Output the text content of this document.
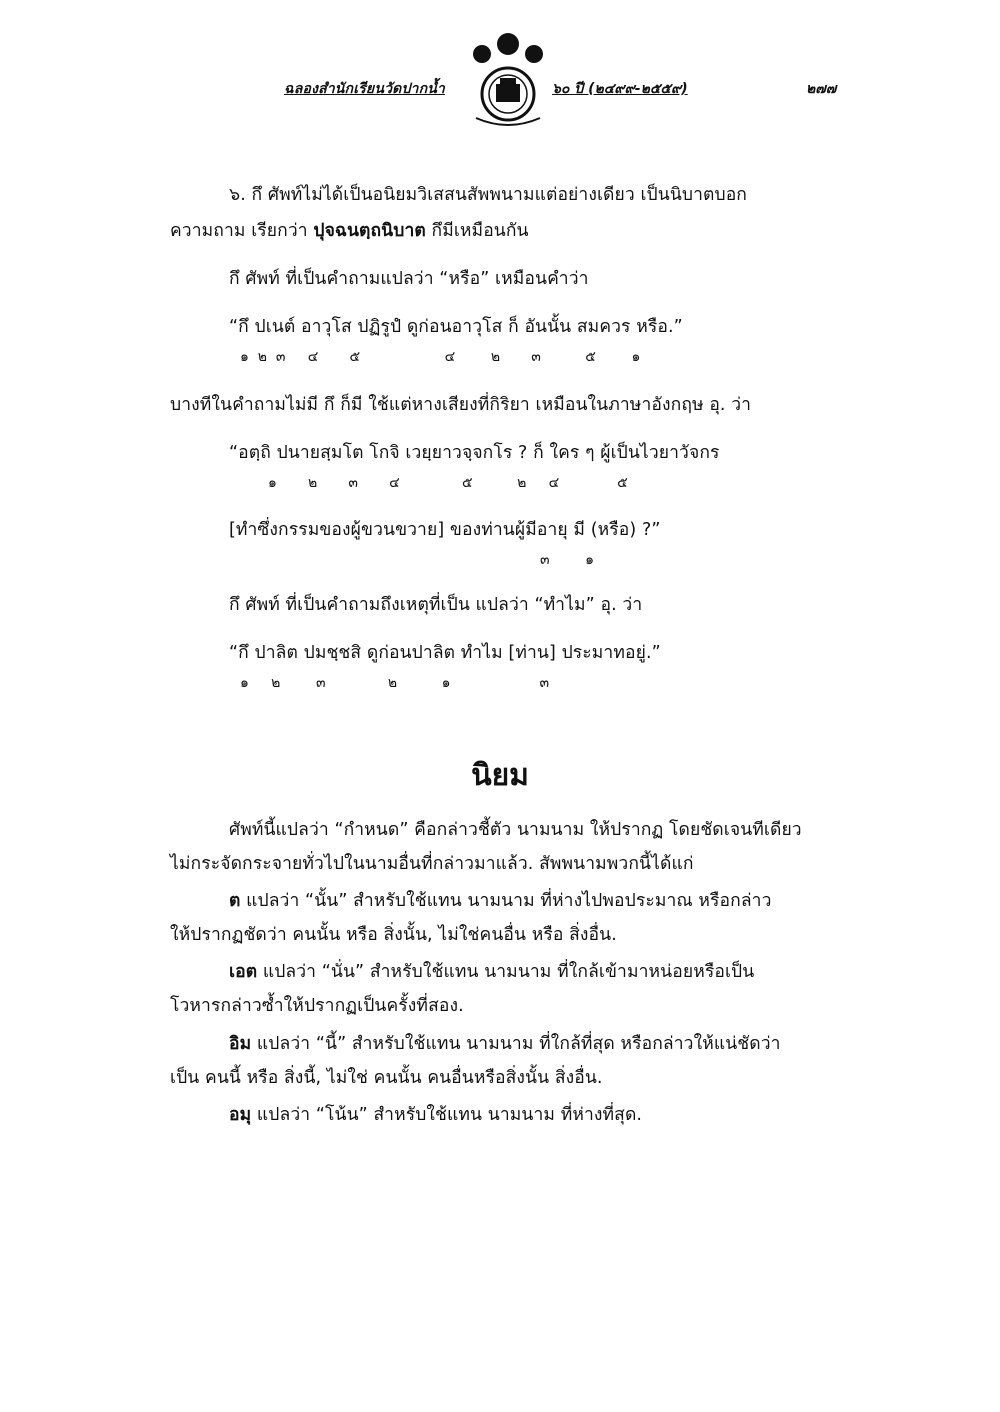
ฉลองสำนักเรียนวัดปากน้ำ	๖๐ ปี (๒๔๙๙-๒๕๕๙)	๒๗๗
๖. กึ ศัพท์ไม่ได้เป็นอนิยมวิเสสนสัพพนามแต่อย่างเดียว เป็นนิบาตบอก
ความถาม เรียกว่า ปุจฉนตฺถนิบาต กึมีเหมือนกัน
กึ ศัพท์ ที่เป็นคำถามแปลว่า “หรือ” เหมือนคำว่า
“กึ ปเนต์ อาวุโส ปฏิรูปํ ดูก่อนอาวุโส ก็ อันนั้น สมควร หรือ.”
๑  ๒  ๓     ๔       ๕                   ๔        ๒       ๓          ๕        ๑
บางทีในคำถามไม่มี กึ ก็มี ใช้แต่หางเสียงที่กิริยา เหมือนในภาษาอังกฤษ อุ. ว่า
“อตฺถิ ปนายสฺมโต โกจิ เวยฺยาวจฺจกโร ? ก็ ใคร ๆ ผู้เป็นไวยาวัจกร
๑       ๒       ๓       ๔              ๕          ๒     ๔             ๕
[ทำซึ่งกรรมของผู้ขวนขวาย] ของท่านผู้มีอายุ มี (หรือ) ?”
๓        ๑
กึ ศัพท์ ที่เป็นคำถามถึงเหตุที่เป็น แปลว่า “ทำไม” อุ. ว่า
“กึ ปาลิต ปมชฺชสิ ดูก่อนปาลิต ทำไม [ท่าน] ประมาทอยู่.”
๑     ๒        ๓              ๒          ๑                    ๓
นิยม
ศัพท์นี้แปลว่า “กำหนด” คือกล่าวชี้ตัว นามนาม ให้ปรากฏ โดยชัดเจนทีเดียว
ไม่กระจัดกระจายทั่วไปในนามอื่นที่กล่าวมาแล้ว. สัพพนามพวกนี้ได้แก่
ต แปลว่า “นั้น” สำหรับใช้แทน นามนาม ที่ห่างไปพอประมาณ หรือกล่าว
ให้ปรากฏชัดว่า คนนั้น หรือ สิ่งนั้น, ไม่ใช่คนอื่น หรือ สิ่งอื่น.
เอต แปลว่า “นั่น” สำหรับใช้แทน นามนาม ที่ใกล้เข้ามาหน่อยหรือเป็น
โวหารกล่าวซ้ำให้ปรากฏเป็นครั้งที่สอง.
อิม แปลว่า “นี้” สำหรับใช้แทน นามนาม ที่ใกล้ที่สุด หรือกล่าวให้แน่ชัดว่า
เป็น คนนี้ หรือ สิ่งนี้, ไม่ใช่ คนนั้น คนอื่นหรือสิ่งนั้น สิ่งอื่น.
อมุ แปลว่า “โน้น” สำหรับใช้แทน นามนาม ที่ห่างที่สุด.
